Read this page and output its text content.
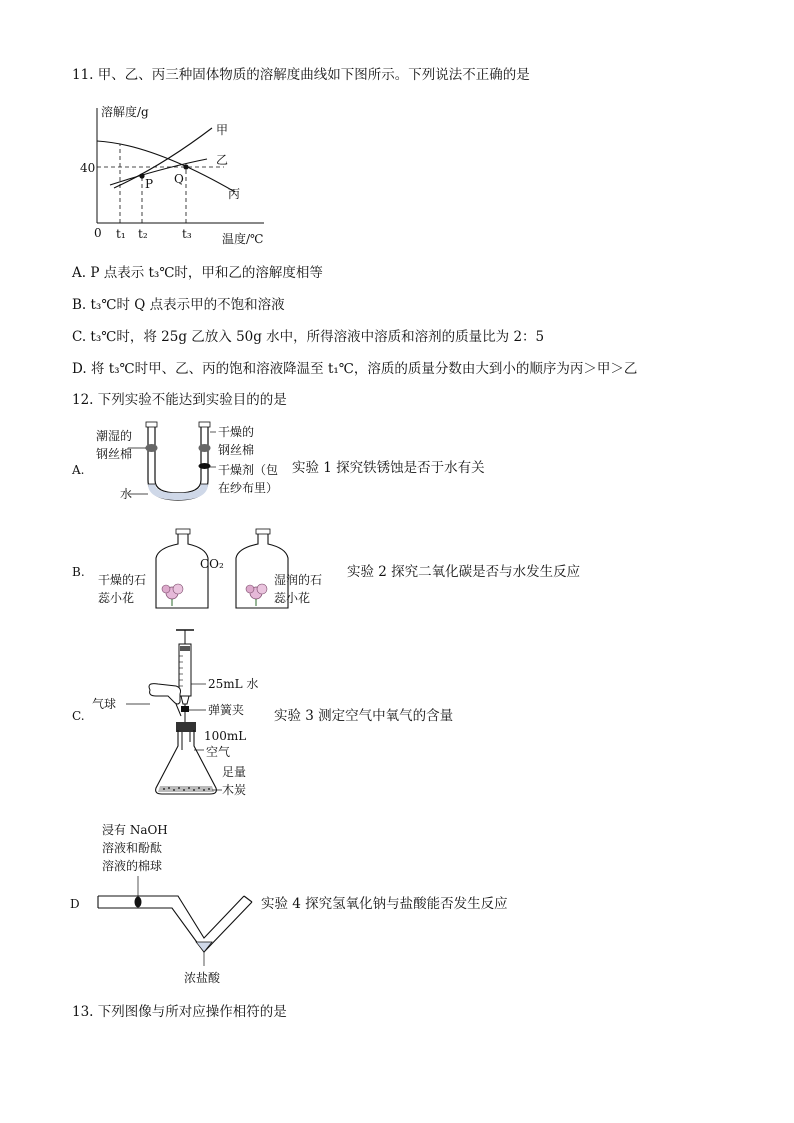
11. 甲、乙、丙三种固体物质的溶解度曲线如下图所示。下列说法不正确的是
溶解度/g
温度/℃
40
0 t₁ t₂	t₃
甲
乙
丙
P Q
A. P 点表示 t₃℃时，甲和乙的溶解度相等
B. t₃℃时 Q 点表示甲的不饱和溶液
C. t₃℃时，将 25g 乙放入 50g 水中，所得溶液中溶质和溶剂的质量比为 2：5
D. 将 t₃℃时甲、乙、丙的饱和溶液降温至 t₁℃，溶质的质量分数由大到小的顺序为丙＞甲＞乙
12. 下列实验不能达到实验目的的是
A.
潮湿的
钢丝棉
干燥的
钢丝棉
干燥剂（包
在纱布里）
水
实验 1 探究铁锈蚀是否于水有关
B.
CO₂
干燥的石
蕊小花
湿润的石
蕊小花
实验 2 探究二氧化碳是否与水发生反应
C.
气球
25mL 水
弹簧夹
100mL
空气
足量
木炭
实验 3 测定空气中氧气的含量
D
浸有 NaOH
溶液和酚酞
溶液的棉球
浓盐酸
实验 4 探究氢氧化钠与盐酸能否发生反应
13. 下列图像与所对应操作相符的是
